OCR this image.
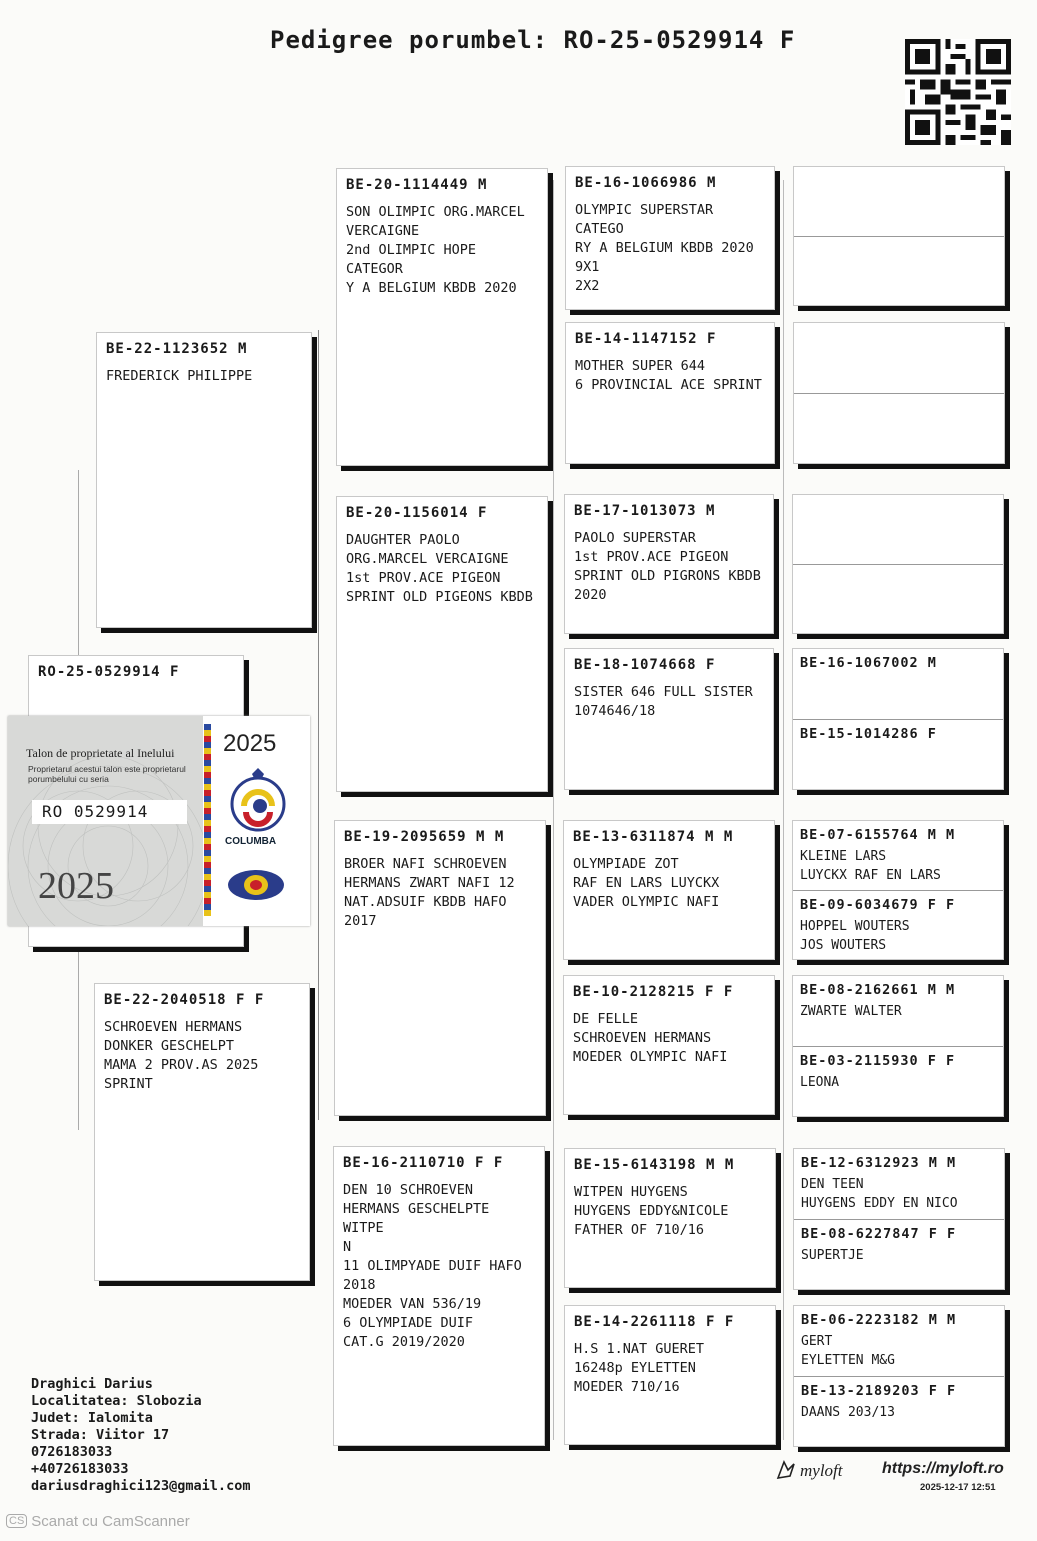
Pedigree porumbel: RO-25-0529914 F
RO-25-0529914 F
Talon de proprietate al Inelului
Proprietarul acestui talon este proprietarul porumbelului cu seria
RO 0529914
2025
2025
COLUMBA
BE-22-1123652 M
FREDERICK PHILIPPE
BE-22-2040518 F F
SCHROEVEN HERMANS
DONKER GESCHELPT
MAMA 2 PROV.AS 2025
SPRINT
BE-20-1114449 M
SON OLIMPIC ORG.MARCEL
VERCAIGNE
2nd OLIMPIC HOPE CATEGOR
Y A BELGIUM KBDB 2020
BE-20-1156014 F
DAUGHTER PAOLO
ORG.MARCEL VERCAIGNE
1st PROV.ACE PIGEON
SPRINT OLD PIGEONS KBDB
BE-19-2095659 M M
BROER NAFI SCHROEVEN
HERMANS ZWART NAFI 12
NAT.ADSUIF KBDB HAFO
2017
BE-16-2110710 F F
DEN 10 SCHROEVEN
HERMANS GESCHELPTE WITPE
N
11 OLIMPYADE DUIF HAFO
2018
MOEDER VAN 536/19
6 OLYMPIADE DUIF
CAT.G 2019/2020
BE-16-1066986 M
OLYMPIC SUPERSTAR CATEGO
RY A BELGIUM KBDB 2020
9X1
2X2
BE-14-1147152 F
MOTHER SUPER 644
6 PROVINCIAL ACE SPRINT
BE-17-1013073 M
PAOLO SUPERSTAR
1st PROV.ACE PIGEON
SPRINT OLD PIGRONS KBDB
2020
BE-18-1074668 F
SISTER 646 FULL SISTER
1074646/18
BE-13-6311874 M M
OLYMPIADE ZOT
RAF EN LARS LUYCKX
VADER OLYMPIC NAFI
BE-10-2128215 F F
DE FELLE
SCHROEVEN HERMANS
MOEDER OLYMPIC NAFI
BE-15-6143198 M M
WITPEN HUYGENS
HUYGENS EDDY&NICOLE
FATHER OF 710/16
BE-14-2261118 F F
H.S 1.NAT GUERET
16248p EYLETTEN
MOEDER 710/16
BE-16-1067002 M
BE-15-1014286 F
BE-07-6155764 M M
KLEINE LARS
LUYCKX RAF EN LARS
BE-09-6034679 F F
HOPPEL WOUTERS
JOS WOUTERS
BE-08-2162661 M M
ZWARTE WALTER
BE-03-2115930 F F
LEONA
BE-12-6312923 M M
DEN TEEN
HUYGENS EDDY EN NICO
BE-08-6227847 F F
SUPERTJE
BE-06-2223182 M M
GERT
EYLETTEN M&G
BE-13-2189203 F F
DAANS 203/13
Draghici Darius
Localitatea: Slobozia
Judet: Ialomita
Strada: Viitor 17
0726183033
+40726183033
dariusdraghici123@gmail.com
myloft https://myloft.ro
2025-12-17 12:51
CS Scanat cu CamScanner
